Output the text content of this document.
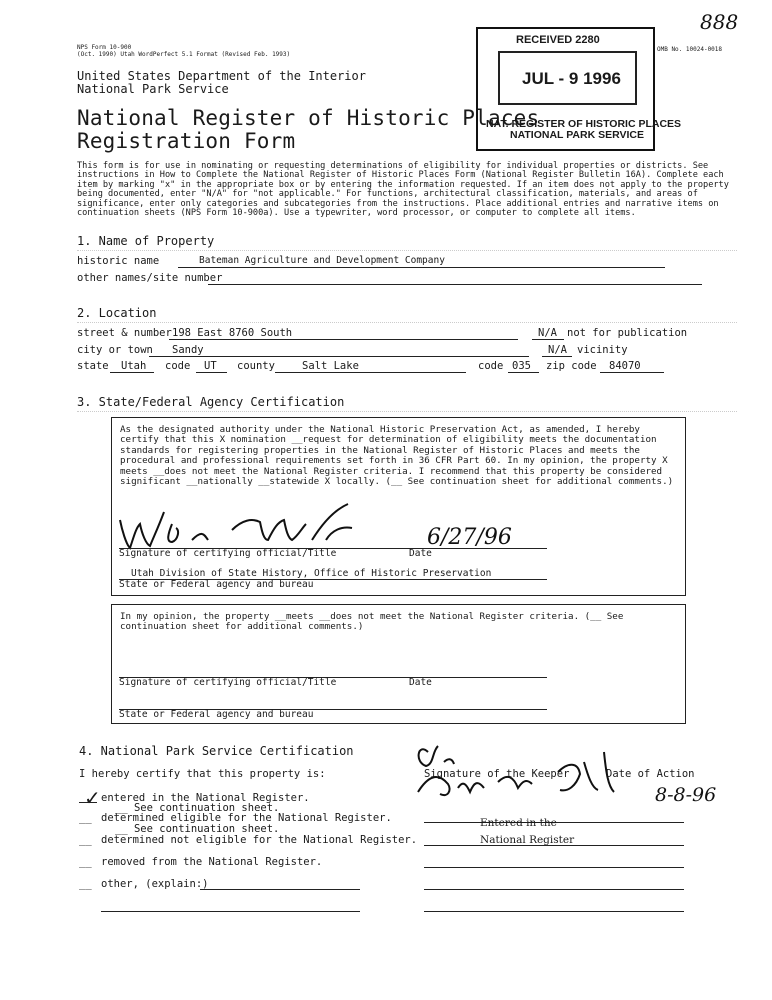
888
NPS Form 10-900
(Oct. 1990) Utah WordPerfect 5.1 Format (Revised Feb. 1993)
OMB No. 10024-0018
United States Department of the Interior
National Park Service
National Register of Historic Places
Registration Form
RECEIVED 2280
JUL - 9 1996
NAT. REGISTER OF HISTORIC PLACES
NATIONAL PARK SERVICE
This form is for use in nominating or requesting determinations of eligibility for individual properties or districts. See instructions in How to Complete the National Register of Historic Places Form (National Register Bulletin 16A). Complete each item by marking "x" in the appropriate box or by entering the information requested. If an item does not apply to the property being documented, enter "N/A" for "not applicable." For functions, architectural classification, materials, and areas of significance, enter only categories and subcategories from the instructions. Place additional entries and narrative items on continuation sheets (NPS Form 10-900a). Use a typewriter, word processor, or computer to complete all items.
1. Name of Property
historic name	Bateman Agriculture and Development Company
other names/site number
2. Location
street & number 198 East 8760 South	N/A not for publication
city or town Sandy	N/A vicinity
state Utah code UT county	Salt Lake	code 035 zip code 84070
3. State/Federal Agency Certification
As the designated authority under the National Historic Preservation Act, as amended, I hereby certify that this X nomination __request for determination of eligibility meets the documentation standards for registering properties in the National Register of Historic Places and meets the procedural and professional requirements set forth in 36 CFR Part 60. In my opinion, the property X meets __does not meet the National Register criteria. I recommend that this property be considered significant __nationally __statewide X locally. (__ See continuation sheet for additional comments.)
6/27/96
Signature of certifying official/Title	Date
Utah Division of State History, Office of Historic Preservation
State or Federal agency and bureau
In my opinion, the property __meets __does not meet the National Register criteria. (__ See continuation sheet for additional comments.)
Signature of certifying official/Title	Date
State or Federal agency and bureau
4. National Park Service Certification
I hereby certify that this property is:	Signature of the Keeper	Date of Action
8-8-96
✓ entered in the National Register.
__ See continuation sheet.
__ determined eligible for the National Register.
__ See continuation sheet.
__ determined not eligible for the National Register.
__ removed from the National Register.
__ other, (explain:)
Entered in the
National Register
